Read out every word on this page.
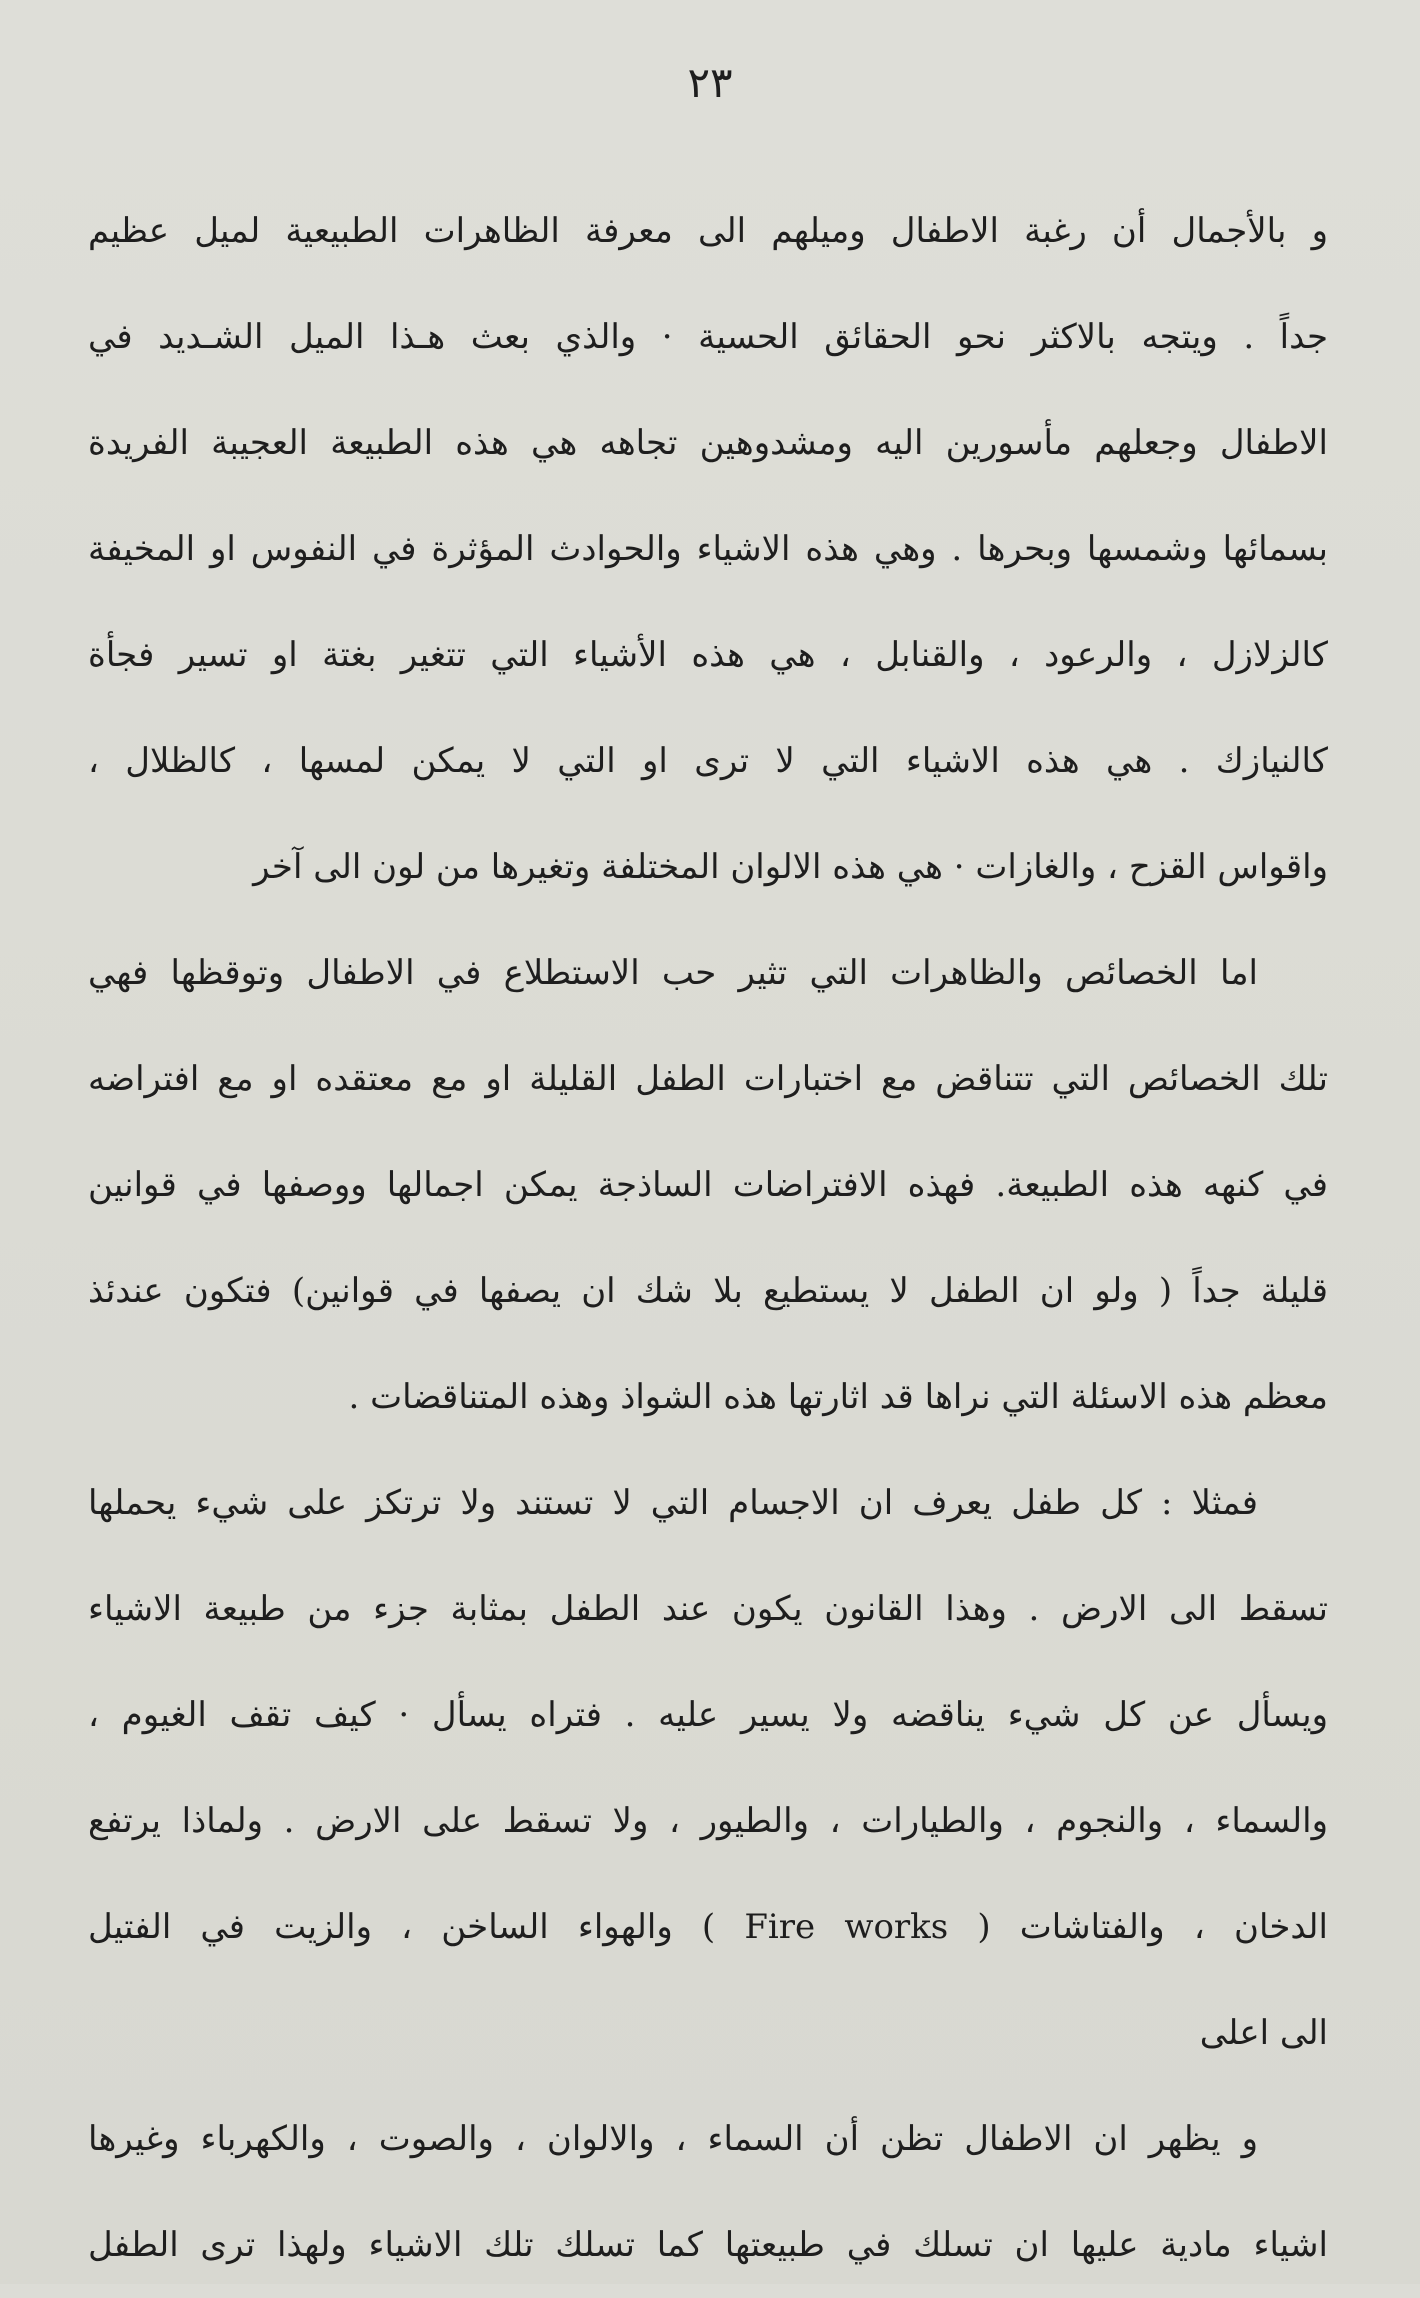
٢٣
و بالأجمال أن رغبة الاطفال وميلهم الى معرفة الظاهرات الطبيعية لميل عظيم
جداً . ويتجه بالاكثر نحو الحقائق الحسية · والذي بعث هـذا الميل الشـديد في
الاطفال وجعلهم مأسورين اليه ومشدوهين تجاهه هي هذه الطبيعة العجيبة الفريدة
بسمائها وشمسها وبحرها . وهي هذه الاشياء والحوادث المؤثرة في النفوس او المخيفة
كالزلازل ، والرعود ، والقنابل ، هي هذه الأشياء التي تتغير بغتة او تسير فجأة
كالنيازك . هي هذه الاشياء التي لا ترى او التي لا يمكن لمسها ، كالظلال ،
واقواس القزح ، والغازات · هي هذه الالوان المختلفة وتغيرها من لون الى آخر
اما الخصائص والظاهرات التي تثير حب الاستطلاع في الاطفال وتوقظها فهي
تلك الخصائص التي تتناقض مع اختبارات الطفل القليلة او مع معتقده او مع افتراضه
في كنهه هذه الطبيعة. فهذه الافتراضات الساذجة يمكن اجمالها ووصفها في قوانين
قليلة جداً ( ولو ان الطفل لا يستطيع بلا شك ان يصفها في قوانين) فتكون عندئذ
معظم هذه الاسئلة التي نراها قد اثارتها هذه الشواذ وهذه المتناقضات .
فمثلا : كل طفل يعرف ان الاجسام التي لا تستند ولا ترتكز على شيء يحملها
تسقط الى الارض . وهذا القانون يكون عند الطفل بمثابة جزء من طبيعة الاشياء
ويسأل عن كل شيء يناقضه ولا يسير عليه . فتراه يسأل · كيف تقف الغيوم ،
والسماء ، والنجوم ، والطيارات ، والطيور ، ولا تسقط على الارض . ولماذا يرتفع
الدخان ، والفتاشات ( Fire works ) والهواء الساخن ، والزيت في الفتيل
الى اعلى
و يظهر ان الاطفال تظن أن السماء ، والالوان ، والصوت ، والكهرباء وغيرها
اشياء مادية عليها ان تسلك في طبيعتها كما تسلك تلك الاشياء ولهذا ترى الطفل
